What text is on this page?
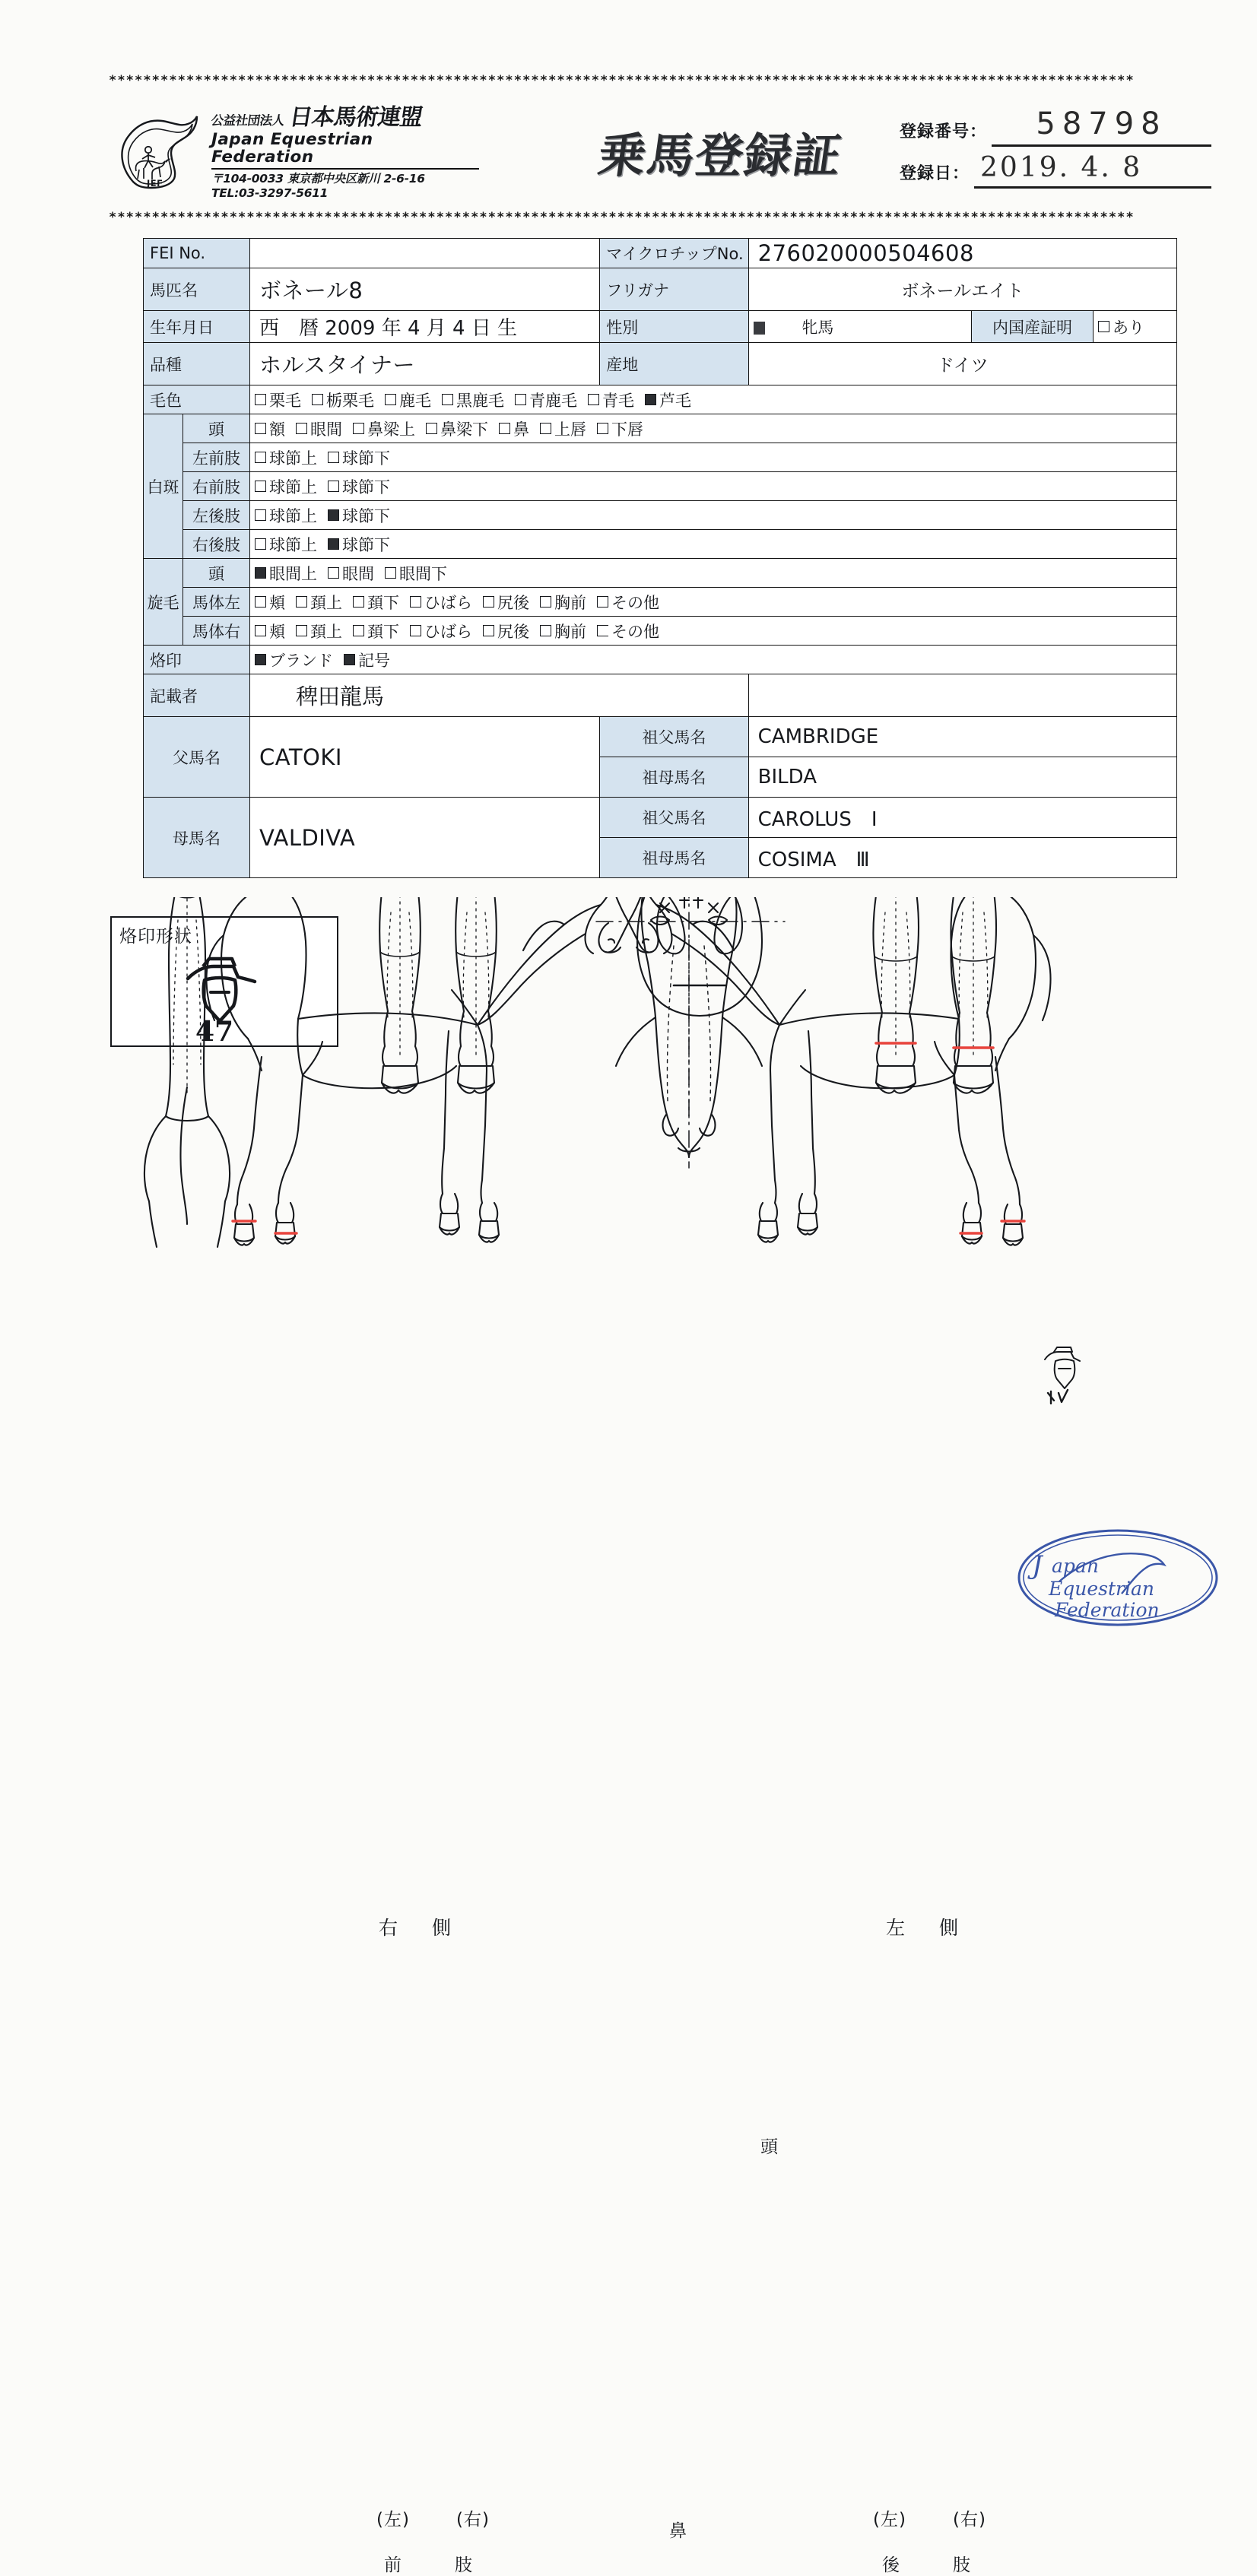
***********************************************************************************************************************
JEF
公益社団法人 日本馬術連盟
Japan Equestrian Federation
〒104-0033 東京都中央区新川 2-6-16
TEL:03-3297-5611
乗馬登録証	登録番号：	58798
登録日： 2019. 4. 8
***********************************************************************************************************************
FEI No.			マイクロチップNo.	276020000504608		
馬匹名		ボネール8	フリガナ	ボネールエイト		
生年月日		西　暦 2009 年 4 月 4 日 生	性別	牝馬	内国産証明	あり

品種		ホルスタイナー	産地	ドイツ		
毛色	栗毛 栃栗毛 鹿毛 黒鹿毛 青鹿毛 青毛 芦毛

白斑	頭	額 眼間 鼻梁上 鼻梁下 鼻 上唇 下唇

	左前肢	球節上 球節下				

	右前肢	球節上 球節下				

	左後肢	球節上 球節下				

	右後肢	球節上 球節下				

旋毛	頭	眼間上 眼間 眼間下				

馬体左	頬 頚上 頚下 ひばら 尻後 胸前 その他

馬体右	頬 頚上 頚下 ひばら 尻後 胸前 その他

烙印		ブランド 記号				

記載者		稗田龍馬				
父馬名		CATOKI	祖父馬名	CAMBRIDGE		
			祖母馬名	BILDA		
母馬名		VALDIVA	祖父馬名	CAROLUS　Ⅰ		
			祖母馬名	COSIMA　Ⅲ		
烙印形状
47
右　側	左　側
頭
(左)	(右)
前　　肢
鼻
(左)	(右)
後　　肢
J apan
Equestrian
Federation
